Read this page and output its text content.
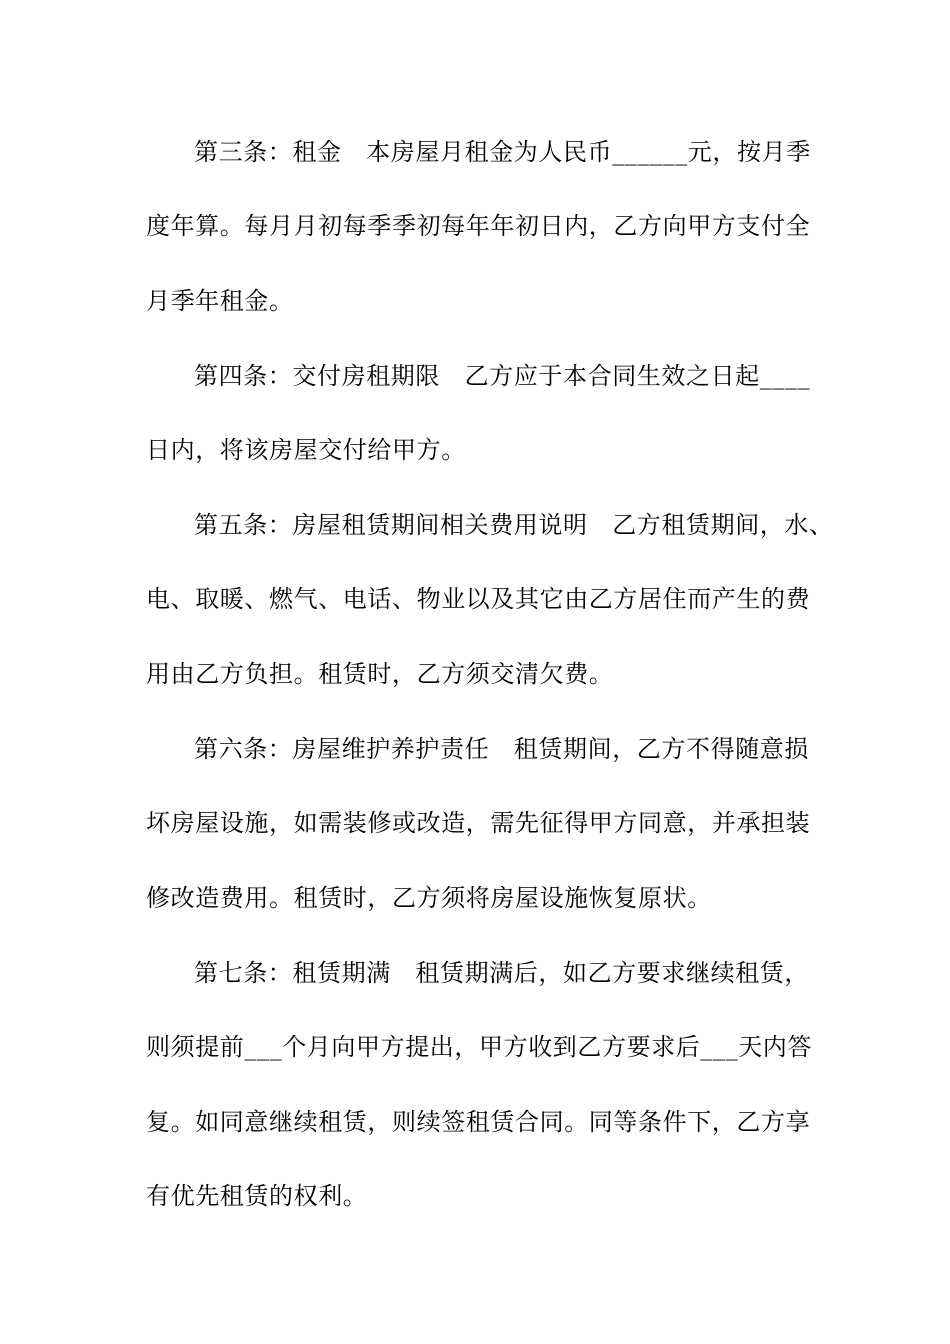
第三条：租金　本房屋月租金为人民币______元，按月季
度年算。每月月初每季季初每年年初日内，乙方向甲方支付全
月季年租金。
第四条：交付房租期限　乙方应于本合同生效之日起____
日内，将该房屋交付给甲方。
第五条：房屋租赁期间相关费用说明　乙方租赁期间，水、
电、取暖、燃气、电话、物业以及其它由乙方居住而产生的费
用由乙方负担。租赁时，乙方须交清欠费。
第六条：房屋维护养护责任　租赁期间，乙方不得随意损
坏房屋设施，如需装修或改造，需先征得甲方同意，并承担装
修改造费用。租赁时，乙方须将房屋设施恢复原状。
第七条：租赁期满　租赁期满后，如乙方要求继续租赁，
则须提前___个月向甲方提出，甲方收到乙方要求后___天内答
复。如同意继续租赁，则续签租赁合同。同等条件下，乙方享
有优先租赁的权利。
